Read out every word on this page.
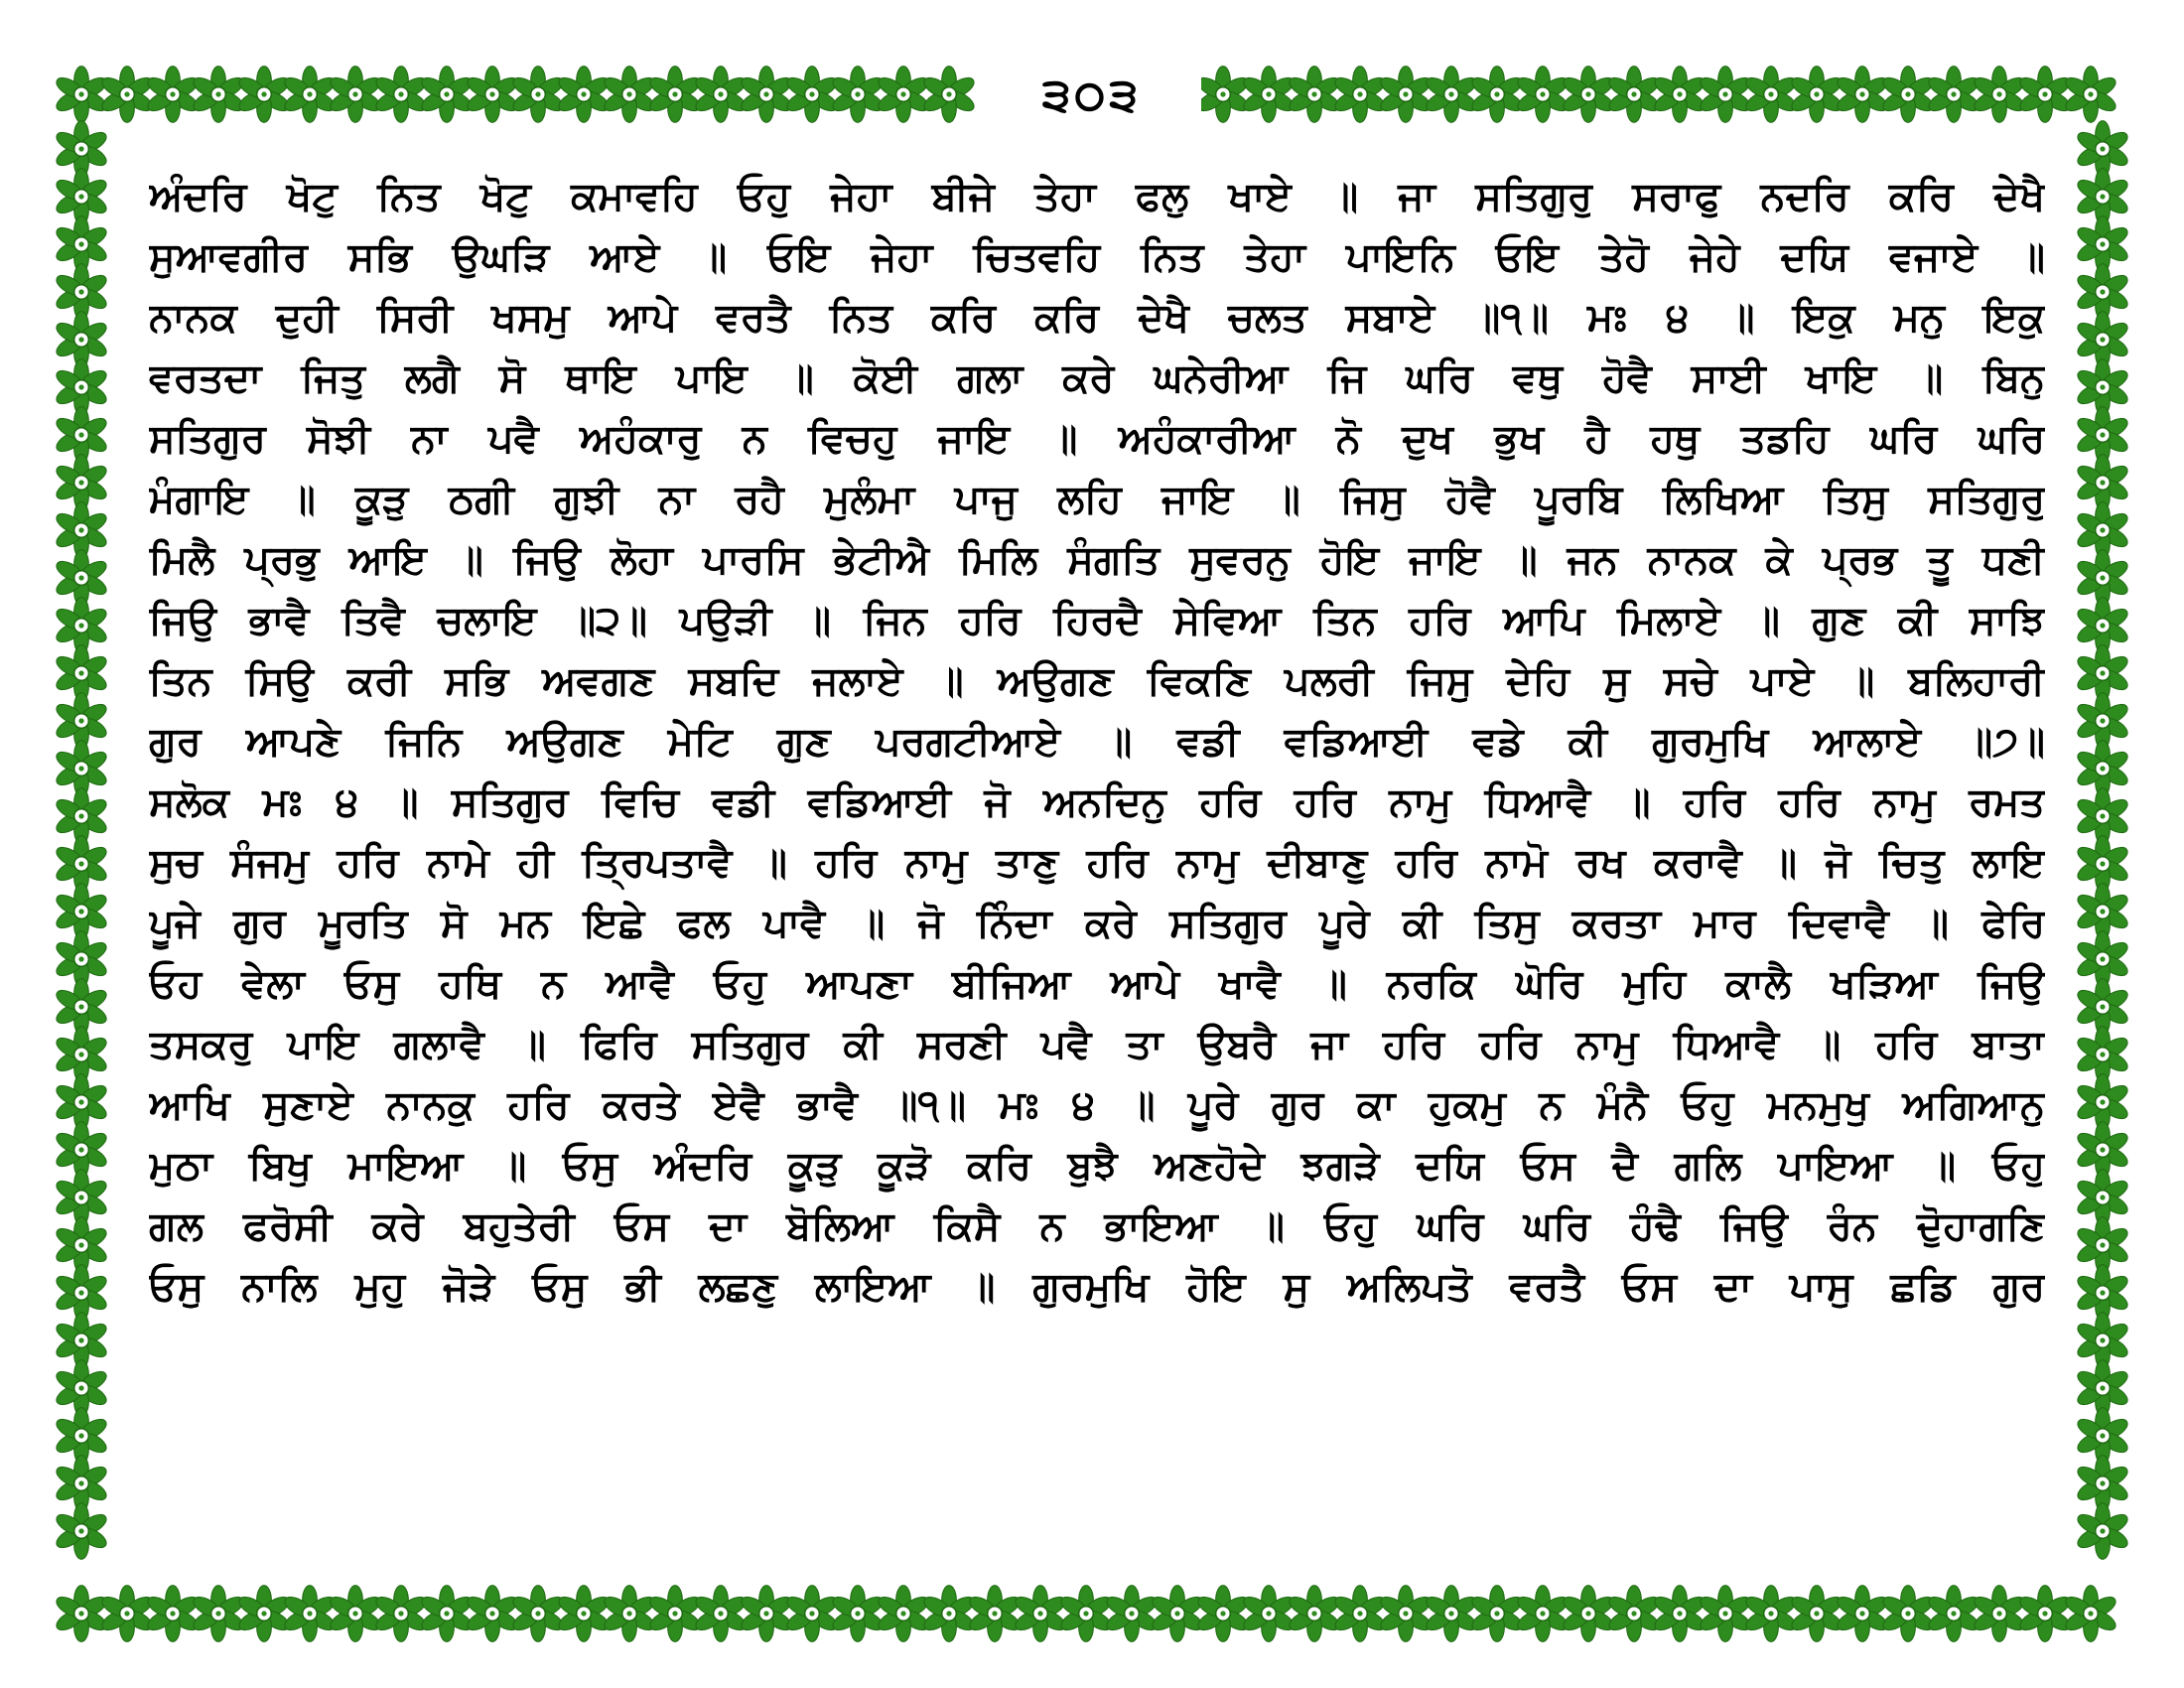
੩੦੩
ਅੰਦਰਿ ਖੋਟੁ ਨਿਤ ਖੋਟੁ ਕਮਾਵਹਿ ਓਹੁ ਜੇਹਾ ਬੀਜੇ ਤੇਹਾ ਫਲੁ ਖਾਏ ॥ ਜਾ ਸਤਿਗੁਰੁ ਸਰਾਫੁ ਨਦਰਿ ਕਰਿ ਦੇਖੈ
ਸੁਆਵਗੀਰ ਸਭਿ ਉਘੜਿ ਆਏ ॥ ਓਇ ਜੇਹਾ ਚਿਤਵਹਿ ਨਿਤ ਤੇਹਾ ਪਾਇਨਿ ਓਇ ਤੇਹੋ ਜੇਹੇ ਦਯਿ ਵਜਾਏ ॥
ਨਾਨਕ ਦੁਹੀ ਸਿਰੀ ਖਸਮੁ ਆਪੇ ਵਰਤੈ ਨਿਤ ਕਰਿ ਕਰਿ ਦੇਖੈ ਚਲਤ ਸਬਾਏ ॥੧॥ ਮਃ ੪ ॥ ਇਕੁ ਮਨੁ ਇਕੁ
ਵਰਤਦਾ ਜਿਤੁ ਲਗੈ ਸੋ ਥਾਇ ਪਾਇ ॥ ਕੋਈ ਗਲਾ ਕਰੇ ਘਨੇਰੀਆ ਜਿ ਘਰਿ ਵਥੁ ਹੋਵੈ ਸਾਈ ਖਾਇ ॥ ਬਿਨੁ
ਸਤਿਗੁਰ ਸੋਝੀ ਨਾ ਪਵੈ ਅਹੰਕਾਰੁ ਨ ਵਿਚਹੁ ਜਾਇ ॥ ਅਹੰਕਾਰੀਆ ਨੋ ਦੁਖ ਭੁਖ ਹੈ ਹਥੁ ਤਡਹਿ ਘਰਿ ਘਰਿ
ਮੰਗਾਇ ॥ ਕੂੜੁ ਠਗੀ ਗੁਝੀ ਨਾ ਰਹੈ ਮੁਲੰਮਾ ਪਾਜੁ ਲਹਿ ਜਾਇ ॥ ਜਿਸੁ ਹੋਵੈ ਪੂਰਬਿ ਲਿਖਿਆ ਤਿਸੁ ਸਤਿਗੁਰੁ
ਮਿਲੈ ਪ੍ਰਭੁ ਆਇ ॥ ਜਿਉ ਲੋਹਾ ਪਾਰਸਿ ਭੇਟੀਐ ਮਿਲਿ ਸੰਗਤਿ ਸੁਵਰਨੁ ਹੋਇ ਜਾਇ ॥ ਜਨ ਨਾਨਕ ਕੇ ਪ੍ਰਭ ਤੂ ਧਣੀ
ਜਿਉ ਭਾਵੈ ਤਿਵੈ ਚਲਾਇ ॥੨॥ ਪਉੜੀ ॥ ਜਿਨ ਹਰਿ ਹਿਰਦੈ ਸੇਵਿਆ ਤਿਨ ਹਰਿ ਆਪਿ ਮਿਲਾਏ ॥ ਗੁਣ ਕੀ ਸਾਝਿ
ਤਿਨ ਸਿਉ ਕਰੀ ਸਭਿ ਅਵਗਣ ਸਬਦਿ ਜਲਾਏ ॥ ਅਉਗਣ ਵਿਕਣਿ ਪਲਰੀ ਜਿਸੁ ਦੇਹਿ ਸੁ ਸਚੇ ਪਾਏ ॥ ਬਲਿਹਾਰੀ
ਗੁਰ ਆਪਣੇ ਜਿਨਿ ਅਉਗਣ ਮੇਟਿ ਗੁਣ ਪਰਗਟੀਆਏ ॥ ਵਡੀ ਵਡਿਆਈ ਵਡੇ ਕੀ ਗੁਰਮੁਖਿ ਆਲਾਏ ॥੭॥
ਸਲੋਕ ਮਃ ੪ ॥ ਸਤਿਗੁਰ ਵਿਚਿ ਵਡੀ ਵਡਿਆਈ ਜੋ ਅਨਦਿਨੁ ਹਰਿ ਹਰਿ ਨਾਮੁ ਧਿਆਵੈ ॥ ਹਰਿ ਹਰਿ ਨਾਮੁ ਰਮਤ
ਸੁਚ ਸੰਜਮੁ ਹਰਿ ਨਾਮੇ ਹੀ ਤ੍ਰਿਪਤਾਵੈ ॥ ਹਰਿ ਨਾਮੁ ਤਾਣੁ ਹਰਿ ਨਾਮੁ ਦੀਬਾਣੁ ਹਰਿ ਨਾਮੋ ਰਖ ਕਰਾਵੈ ॥ ਜੋ ਚਿਤੁ ਲਾਇ
ਪੂਜੇ ਗੁਰ ਮੂਰਤਿ ਸੋ ਮਨ ਇਛੇ ਫਲ ਪਾਵੈ ॥ ਜੋ ਨਿੰਦਾ ਕਰੇ ਸਤਿਗੁਰ ਪੂਰੇ ਕੀ ਤਿਸੁ ਕਰਤਾ ਮਾਰ ਦਿਵਾਵੈ ॥ ਫੇਰਿ
ਓਹ ਵੇਲਾ ਓਸੁ ਹਥਿ ਨ ਆਵੈ ਓਹੁ ਆਪਣਾ ਬੀਜਿਆ ਆਪੇ ਖਾਵੈ ॥ ਨਰਕਿ ਘੋਰਿ ਮੁਹਿ ਕਾਲੈ ਖੜਿਆ ਜਿਉ
ਤਸਕਰੁ ਪਾਇ ਗਲਾਵੈ ॥ ਫਿਰਿ ਸਤਿਗੁਰ ਕੀ ਸਰਣੀ ਪਵੈ ਤਾ ਉਬਰੈ ਜਾ ਹਰਿ ਹਰਿ ਨਾਮੁ ਧਿਆਵੈ ॥ ਹਰਿ ਬਾਤਾ
ਆਖਿ ਸੁਣਾਏ ਨਾਨਕੁ ਹਰਿ ਕਰਤੇ ਏਵੈ ਭਾਵੈ ॥੧॥ ਮਃ ੪ ॥ ਪੂਰੇ ਗੁਰ ਕਾ ਹੁਕਮੁ ਨ ਮੰਨੈ ਓਹੁ ਮਨਮੁਖੁ ਅਗਿਆਨੁ
ਮੁਠਾ ਬਿਖੁ ਮਾਇਆ ॥ ਓਸੁ ਅੰਦਰਿ ਕੂੜੁ ਕੂੜੋ ਕਰਿ ਬੁਝੈ ਅਣਹੋਦੇ ਝਗੜੇ ਦਯਿ ਓਸ ਦੈ ਗਲਿ ਪਾਇਆ ॥ ਓਹੁ
ਗਲ ਫਰੋਸੀ ਕਰੇ ਬਹੁਤੇਰੀ ਓਸ ਦਾ ਬੋਲਿਆ ਕਿਸੈ ਨ ਭਾਇਆ ॥ ਓਹੁ ਘਰਿ ਘਰਿ ਹੰਢੈ ਜਿਉ ਰੰਨ ਦੋੁਹਾਗਣਿ
ਓਸੁ ਨਾਲਿ ਮੁਹੁ ਜੋੜੇ ਓਸੁ ਭੀ ਲਛਣੁ ਲਾਇਆ ॥ ਗੁਰਮੁਖਿ ਹੋਇ ਸੁ ਅਲਿਪਤੋ ਵਰਤੈ ਓਸ ਦਾ ਪਾਸੁ ਛਡਿ ਗੁਰ
